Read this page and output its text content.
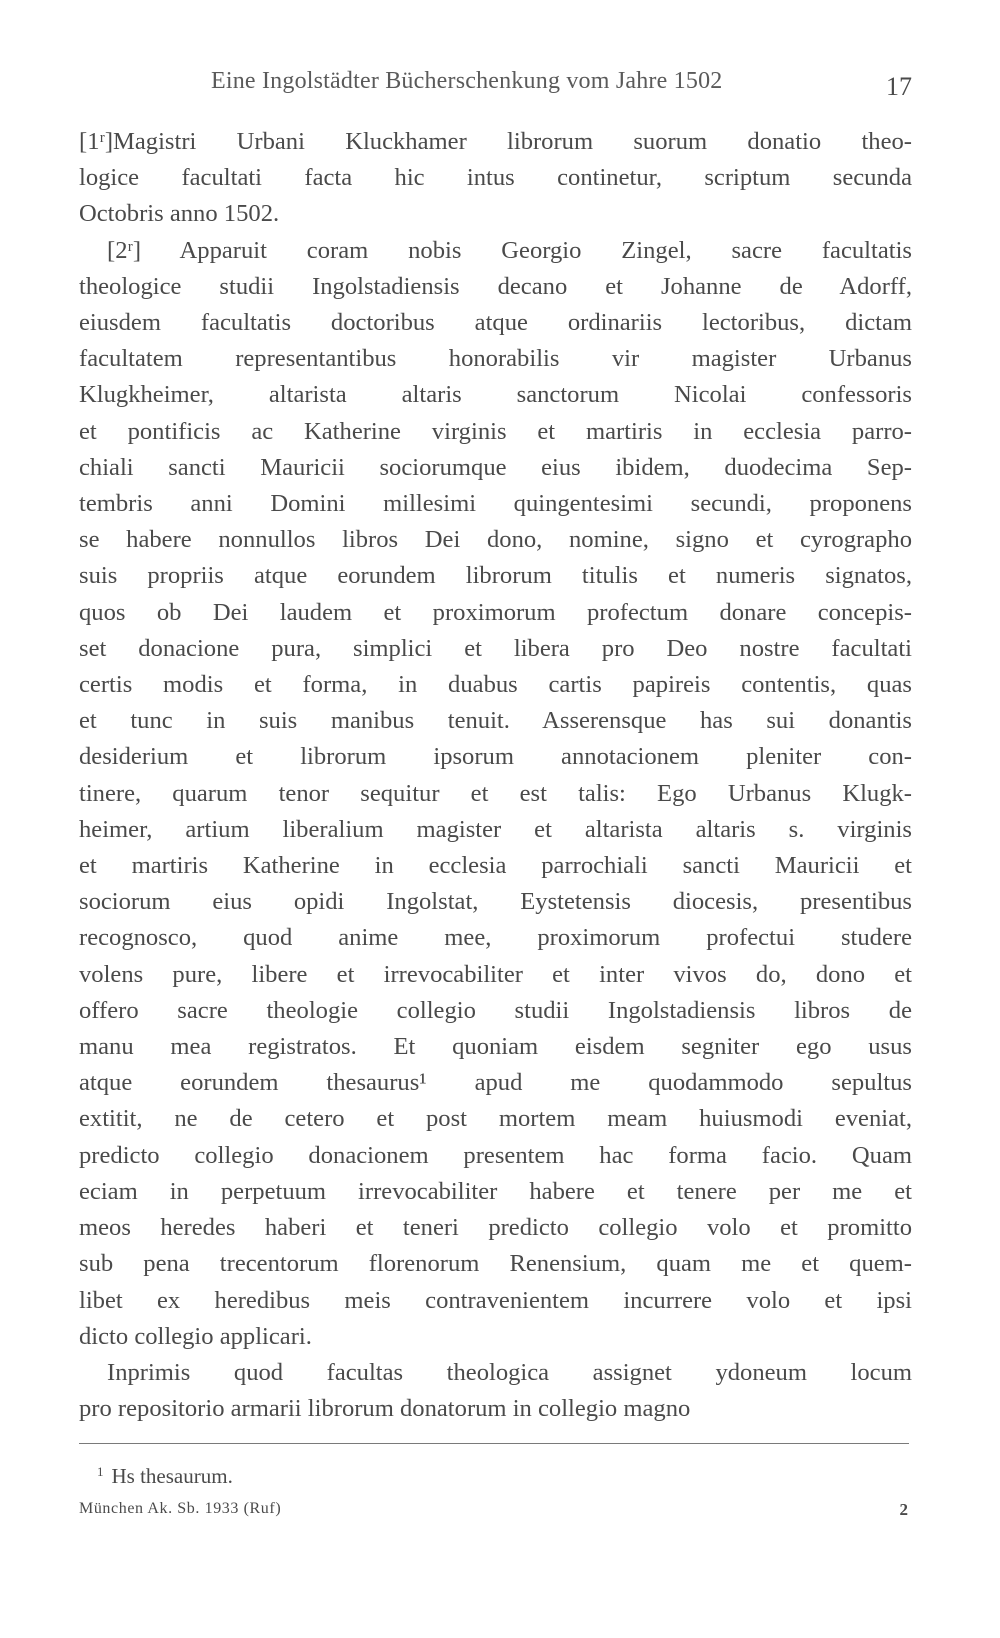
Eine Ingolstädter Bücherschenkung vom Jahre 1502	17

[1ʳ]Magistri Urbani Kluckhamer librorum suorum donatio theo-
logice facultati facta hic intus continetur, scriptum secunda
Octobris anno 1502.

[2ʳ] Apparuit coram nobis Georgio Zingel, sacre facultatis
theologice studii Ingolstadiensis decano et Johanne de Adorff,
eiusdem facultatis doctoribus atque ordinariis lectoribus, dictam
facultatem representantibus honorabilis vir magister Urbanus
Klugkheimer, altarista altaris sanctorum Nicolai confessoris
et pontificis ac Katherine virginis et martiris in ecclesia parro-
chiali sancti Mauricii sociorumque eius ibidem, duodecima Sep-
tembris anni Domini millesimi quingentesimi secundi, proponens
se habere nonnullos libros Dei dono, nomine, signo et cyrographo
suis propriis atque eorundem librorum titulis et numeris signatos,
quos ob Dei laudem et proximorum profectum donare concepis-
set donacione pura, simplici et libera pro Deo nostre facultati
certis modis et forma, in duabus cartis papireis contentis, quas
et tunc in suis manibus tenuit. Asserensque has sui donantis
desiderium et librorum ipsorum annotacionem pleniter con-
tinere, quarum tenor sequitur et est talis: Ego Urbanus Klugk-
heimer, artium liberalium magister et altarista altaris s. virginis
et martiris Katherine in ecclesia parrochiali sancti Mauricii et
sociorum eius opidi Ingolstat, Eystetensis diocesis, presentibus
recognosco, quod anime mee, proximorum profectui studere
volens pure, libere et irrevocabiliter et inter vivos do, dono et
offero sacre theologie collegio studii Ingolstadiensis libros de
manu mea registratos. Et quoniam eisdem segniter ego usus
atque eorundem thesaurus¹ apud me quodammodo sepultus
extitit, ne de cetero et post mortem meam huiusmodi eveniat,
predicto collegio donacionem presentem hac forma facio. Quam
eciam in perpetuum irrevocabiliter habere et tenere per me et
meos heredes haberi et teneri predicto collegio volo et promitto
sub pena trecentorum florenorum Renensium, quam me et quem-
libet ex heredibus meis contravenientem incurrere volo et ipsi
dicto collegio applicari.

Inprimis quod facultas theologica assignet ydoneum locum
pro repositorio armarii librorum donatorum in collegio magno

$^1$ Hs thesaurum.
München Ak. Sb. 1933 (Ruf)	2
